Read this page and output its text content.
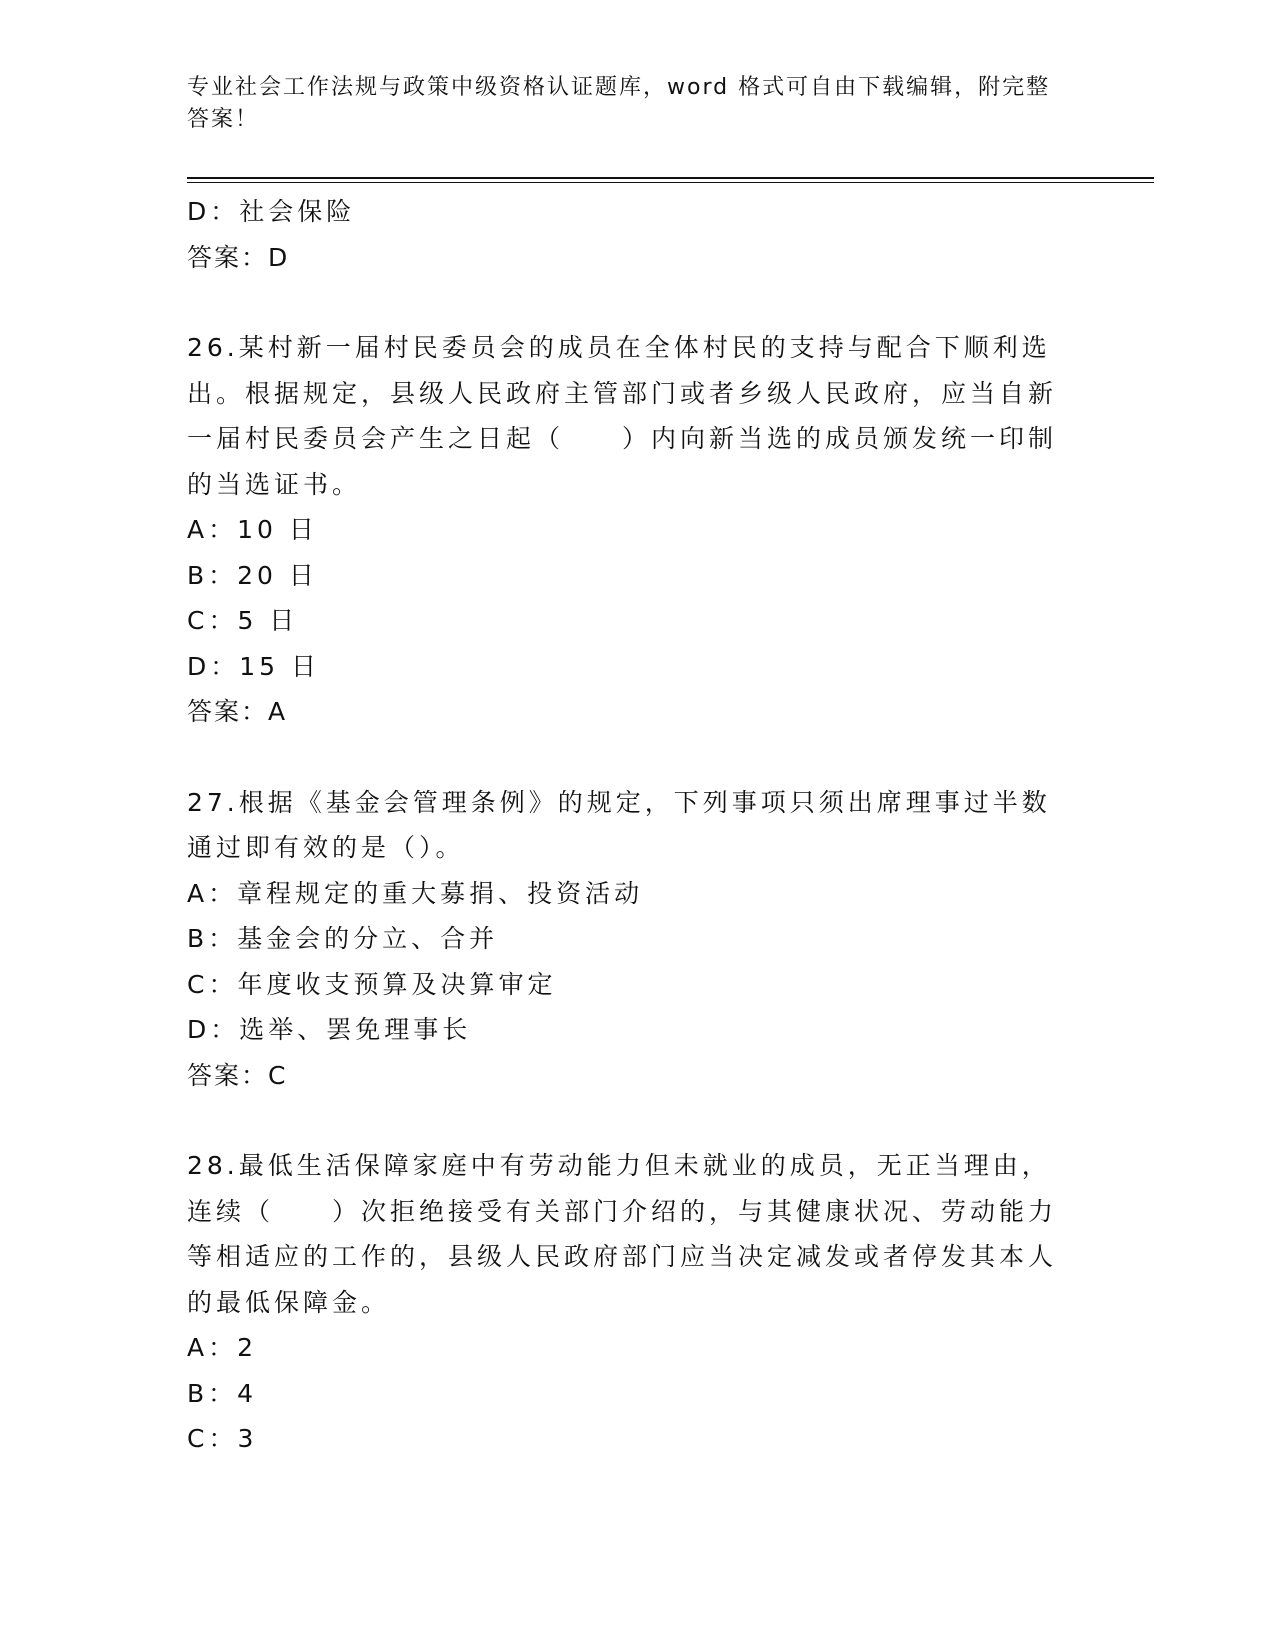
专业社会工作法规与政策中级资格认证题库，word 格式可自由下载编辑，附完整答案！
D：社会保险
答案：D
26.某村新一届村民委员会的成员在全体村民的支持与配合下顺利选出。根据规定，县级人民政府主管部门或者乡级人民政府，应当自新一届村民委员会产生之日起（　　）内向新当选的成员颁发统一印制的当选证书。
A：10 日
B：20 日
C：5 日
D：15 日
答案：A
27.根据《基金会管理条例》的规定，下列事项只须出席理事过半数通过即有效的是（）。
A：章程规定的重大募捐、投资活动
B：基金会的分立、合并
C：年度收支预算及决算审定
D：选举、罢免理事长
答案：C
28.最低生活保障家庭中有劳动能力但未就业的成员，无正当理由，连续（　　）次拒绝接受有关部门介绍的，与其健康状况、劳动能力等相适应的工作的，县级人民政府部门应当决定减发或者停发其本人的最低保障金。
A：2
B：4
C：3
